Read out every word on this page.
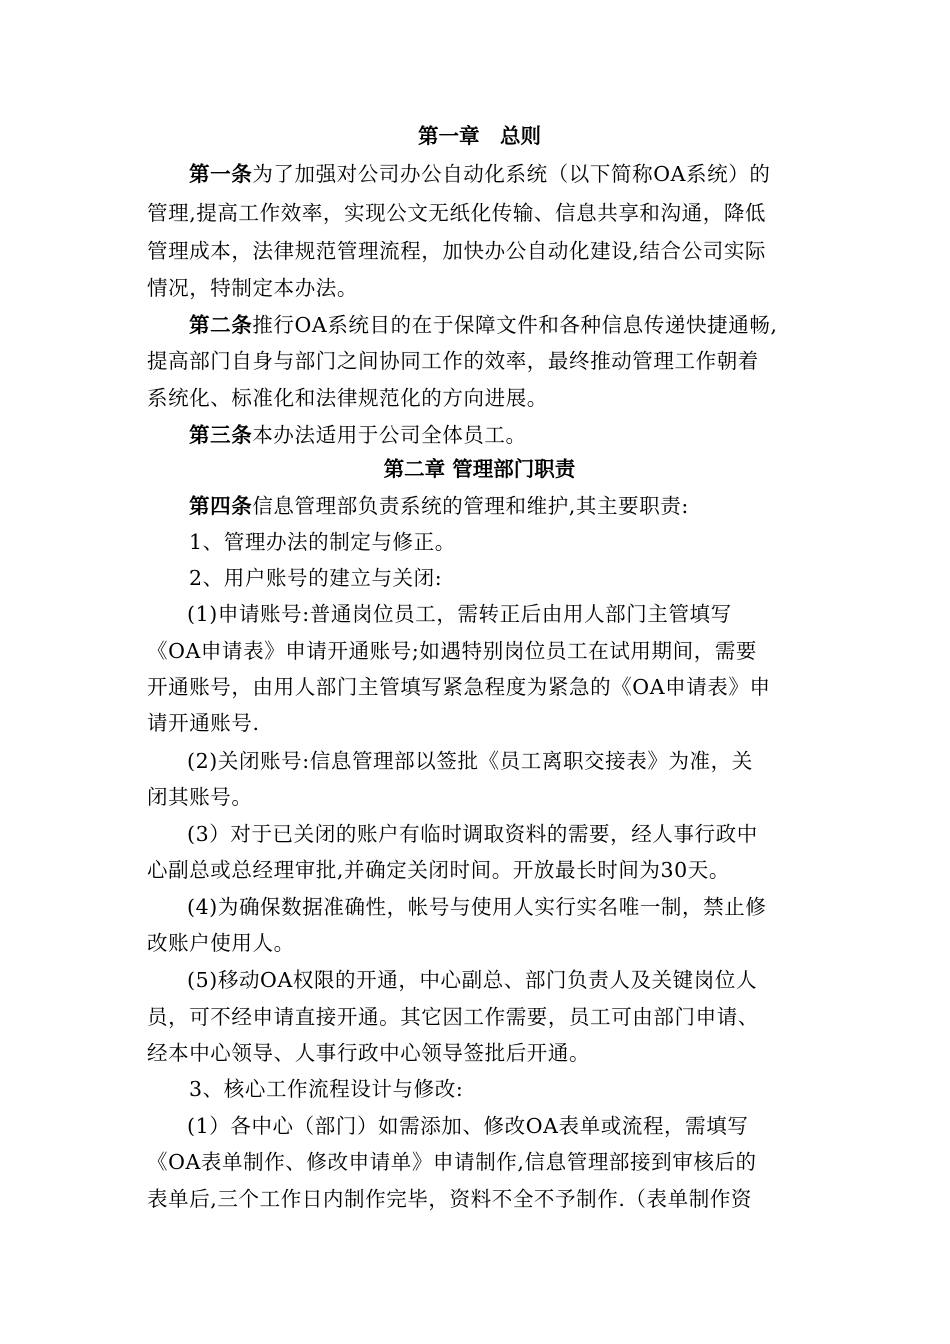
第一章　总则
第一条为了加强对公司办公自动化系统（以下简称OA系统）的
管理,提高工作效率，实现公文无纸化传输、信息共享和沟通，降低
管理成本，法律规范管理流程，加快办公自动化建设,结合公司实际
情况，特制定本办法。
第二条推行OA系统目的在于保障文件和各种信息传递快捷通畅,
提高部门自身与部门之间协同工作的效率，最终推动管理工作朝着
系统化、标准化和法律规范化的方向进展。
第三条本办法适用于公司全体员工。
第二章 管理部门职责
第四条信息管理部负责系统的管理和维护,其主要职责:
1、管理办法的制定与修正。
2、用户账号的建立与关闭:
(1)申请账号:普通岗位员工，需转正后由用人部门主管填写
《OA申请表》申请开通账号;如遇特别岗位员工在试用期间，需要
开通账号，由用人部门主管填写紧急程度为紧急的《OA申请表》申
请开通账号.
(2)关闭账号:信息管理部以签批《员工离职交接表》为准，关
闭其账号。
(3）对于已关闭的账户有临时调取资料的需要，经人事行政中
心副总或总经理审批,并确定关闭时间。开放最长时间为30天。
(4)为确保数据准确性，帐号与使用人实行实名唯一制，禁止修
改账户使用人。
(5)移动OA权限的开通，中心副总、部门负责人及关键岗位人
员，可不经申请直接开通。其它因工作需要，员工可由部门申请、
经本中心领导、人事行政中心领导签批后开通。
3、核心工作流程设计与修改:
(1）各中心（部门）如需添加、修改OA表单或流程，需填写
《OA表单制作、修改申请单》申请制作,信息管理部接到审核后的
表单后,三个工作日内制作完毕，资料不全不予制作.（表单制作资
